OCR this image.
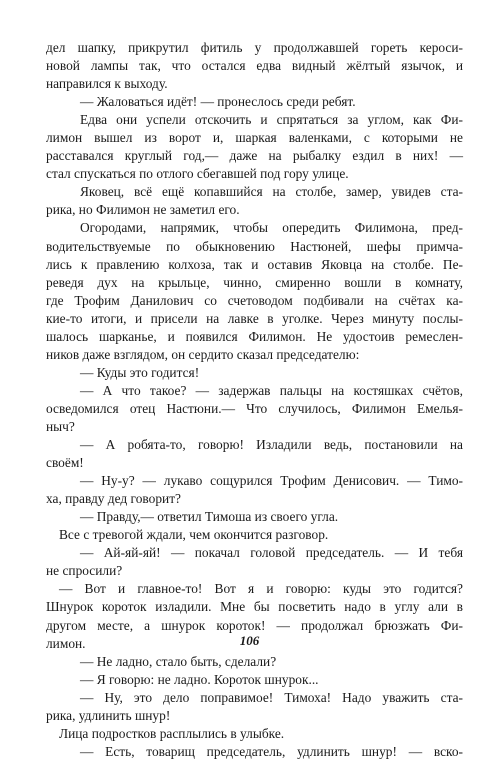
дел шапку, прикрутил фитиль у продолжавшей гореть кероси-
новой лампы так, что остался едва видный жёлтый язычок, и
направился к выходу.
— Жаловаться идёт! — пронеслось среди ребят.
Едва они успели отскочить и спрятаться за углом, как Фи-
лимон вышел из ворот и, шаркая валенками, с которыми не
расставался круглый год,— даже на рыбалку ездил в них! —
стал спускаться по отлого сбегавшей под гору улице.
Яковец, всё ещё копавшийся на столбе, замер, увидев ста-
рика, но Филимон не заметил его.
Огородами, напрямик, чтобы опередить Филимона, пред-
водительствуемые по обыкновению Настюней, шефы примча-
лись к правлению колхоза, так и оставив Яковца на столбе. Пе-
реведя дух на крыльце, чинно, смиренно вошли в комнату,
где Трофим Данилович со счетоводом подбивали на счётах ка-
кие-то итоги, и присели на лавке в уголке. Через минуту послы-
шалось шарканье, и появился Филимон. Не удостоив ремеслен-
ников даже взглядом, он сердито сказал председателю:
— Куды это годится!
— А что такое? — задержав пальцы на костяшках счётов,
осведомился отец Настюни.— Что случилось, Филимон Емелья-
ныч?
— А робята-то, говорю! Изладили ведь, постановили на
своём!
— Ну-у? — лукаво сощурился Трофим Денисович. — Тимо-
ха, правду дед говорит?
— Правду,— ответил Тимоша из своего угла.
Все с тревогой ждали, чем окончится разговор.
— Ай-яй-яй! — покачал головой председатель. — И тебя
не спросили?
— Вот и главное-то! Вот я и говорю: куды это годится?
Шнурок короток изладили. Мне бы посветить надо в углу али в
другом месте, а шнурок короток! — продолжал брюзжать Фи-
лимон.
— Не ладно, стало быть, сделали?
— Я говорю: не ладно. Короток шнурок...
— Ну, это дело поправимое! Тимоха! Надо уважить ста-
рика, удлинить шнур!
Лица подростков расплылись в улыбке.
— Есть, товарищ председатель, удлинить шнур! — вско-
106
